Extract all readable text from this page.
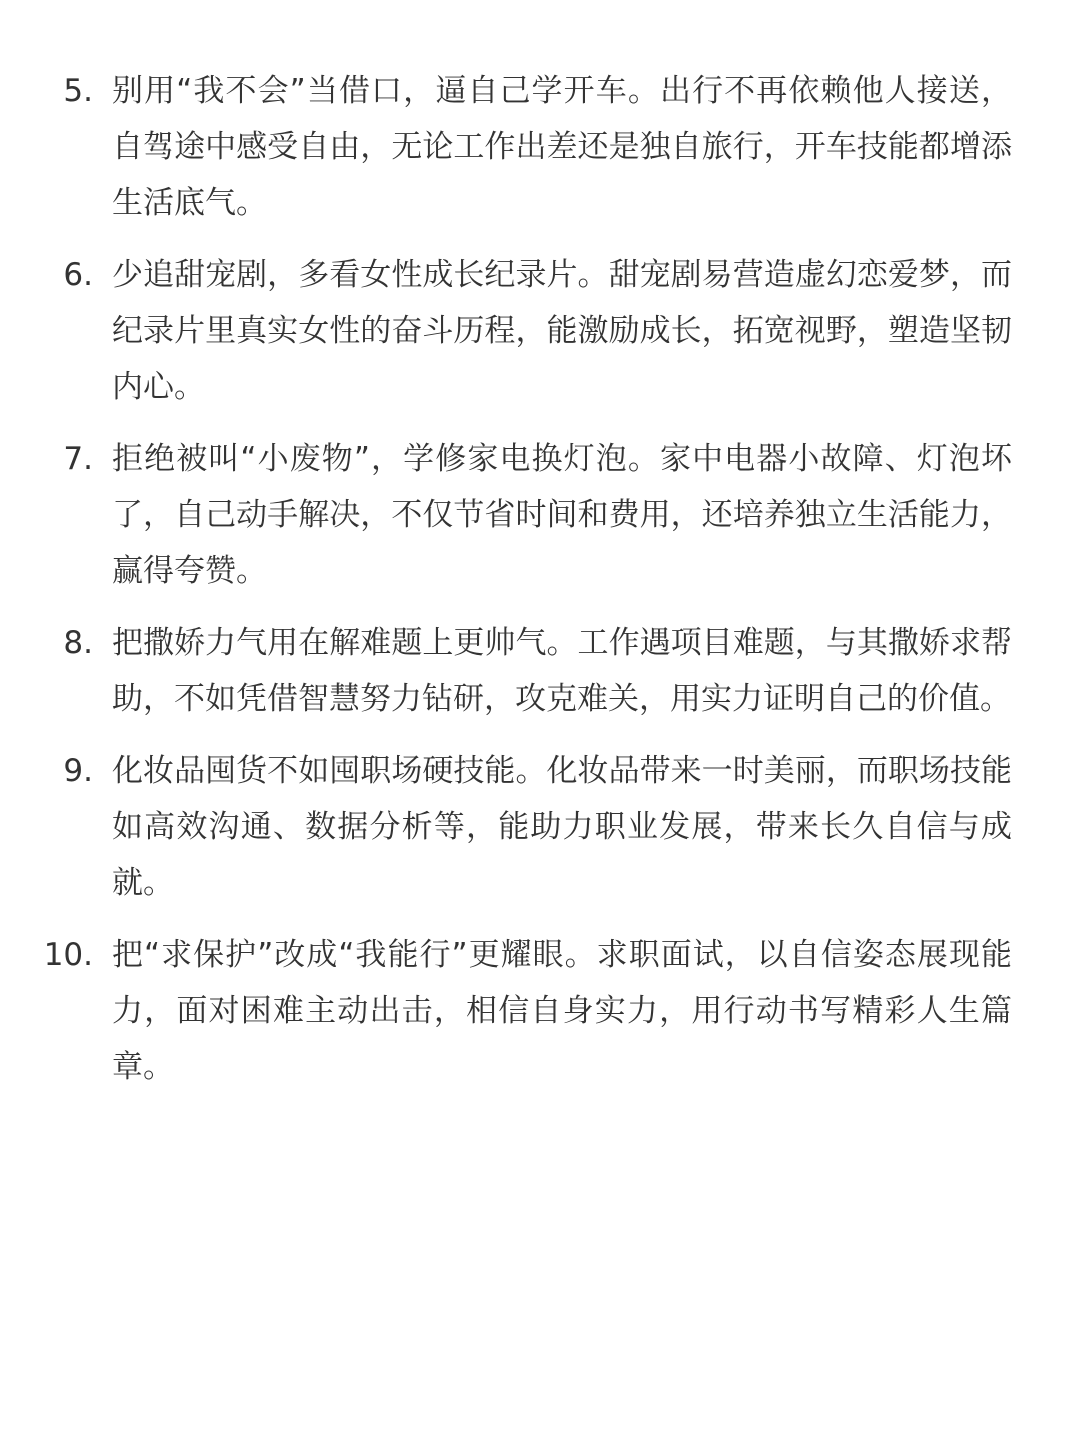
5. 别用“我不会”当借口，逼自己学开车。出行不再依赖他人接送，自驾途中感受自由，无论工作出差还是独自旅行，开车技能都增添生活底气。
6. 少追甜宠剧，多看女性成长纪录片。甜宠剧易营造虚幻恋爱梦，而纪录片里真实女性的奋斗历程，能激励成长，拓宽视野，塑造坚韧内心。
7. 拒绝被叫“小废物”，学修家电换灯泡。家中电器小故障、灯泡坏了，自己动手解决，不仅节省时间和费用，还培养独立生活能力，赢得夸赞。
8. 把撒娇力气用在解难题上更帅气。工作遇项目难题，与其撒娇求帮助，不如凭借智慧努力钻研，攻克难关，用实力证明自己的价值。
9. 化妆品囤货不如囤职场硬技能。化妆品带来一时美丽，而职场技能如高效沟通、数据分析等，能助力职业发展，带来长久自信与成就。
10. 把“求保护”改成“我能行”更耀眼。求职面试，以自信姿态展现能力，面对困难主动出击，相信自身实力，用行动书写精彩人生篇章。
